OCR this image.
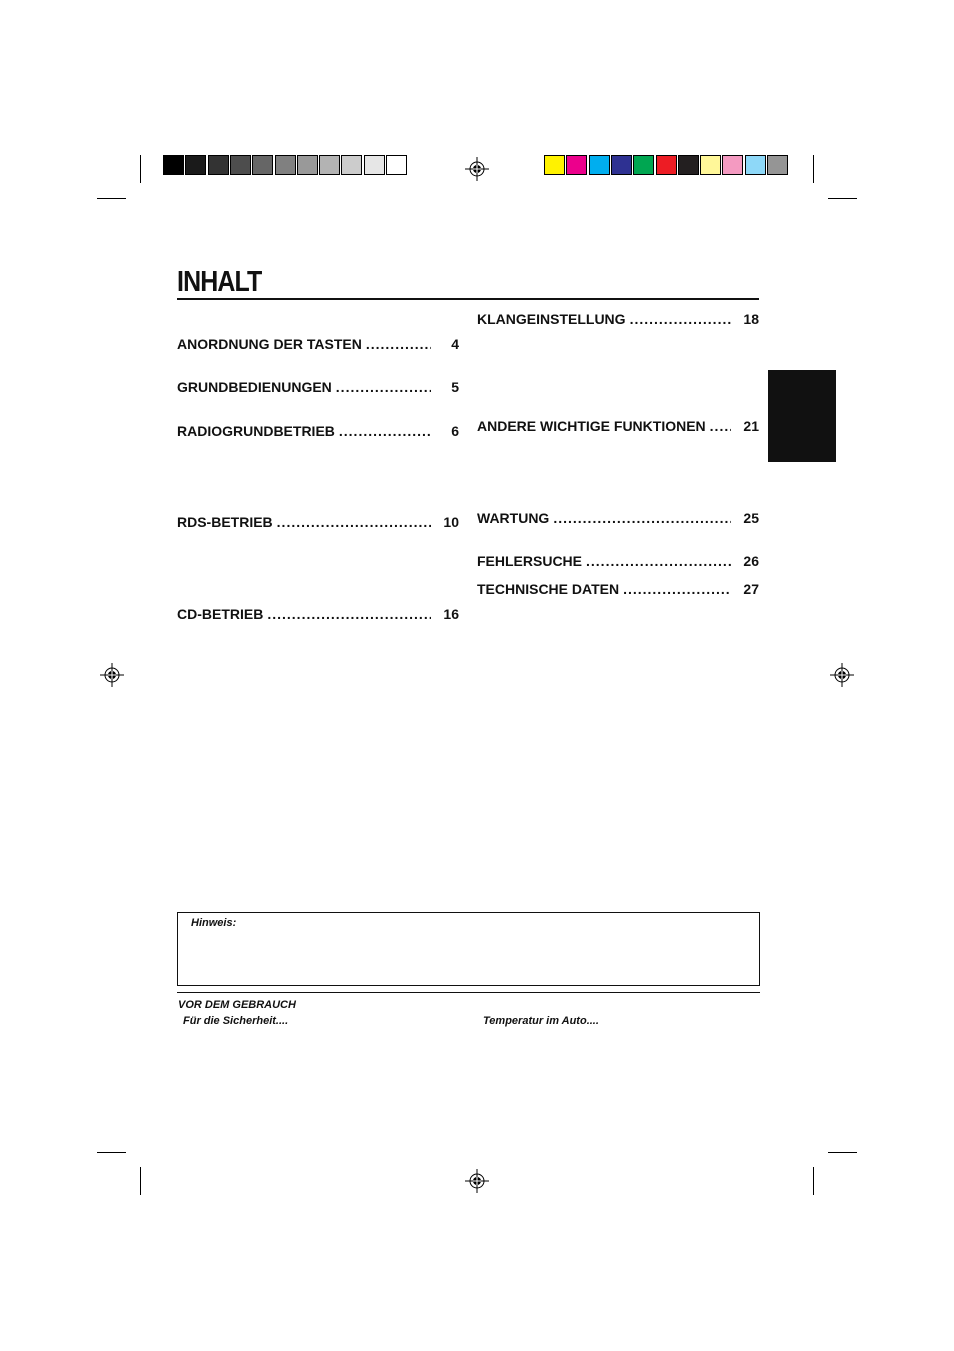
INHALT
ANORDNUNG DER TASTEN .....	4
GRUNDBEDIENUNGEN .....	5
RADIOGRUNDBETRIEB .....	6
RDS-BETRIEB .....	10
CD-BETRIEB .....	16
KLANGEINSTELLUNG .....	18
ANDERE WICHTIGE FUNKTIONEN .....	21
WARTUNG .....	25
FEHLERSUCHE .....	26
TECHNISCHE DATEN .....	27
Hinweis:
VOR DEM GEBRAUCH
Für die Sicherheit....	Temperatur im Auto....
